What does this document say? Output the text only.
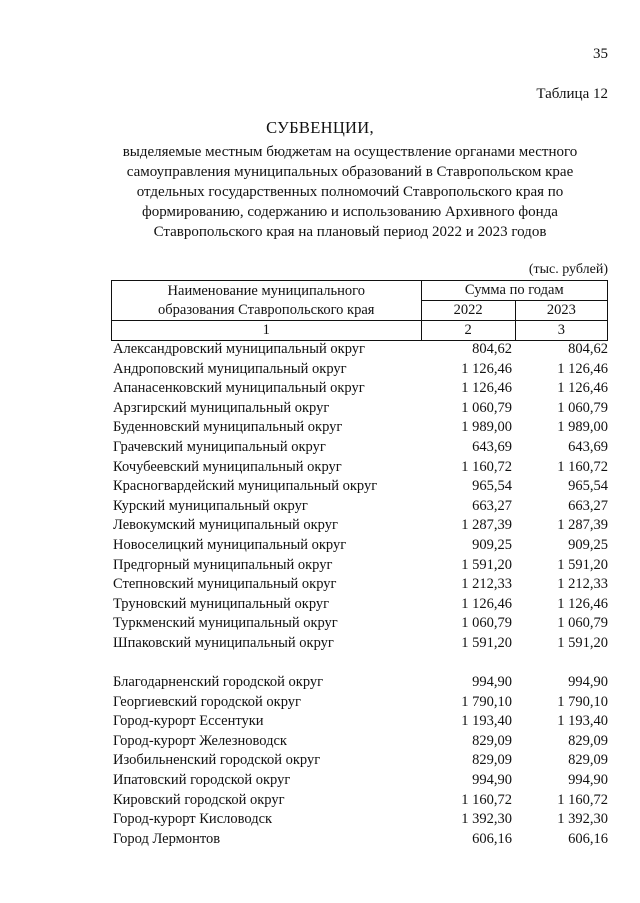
35
Таблица 12
СУБВЕНЦИИ,
выделяемые местным бюджетам на осуществление органами местного
самоуправления муниципальных образований в Ставропольском крае
отдельных государственных полномочий Ставропольского края по
формированию, содержанию и использованию Архивного фонда
Ставропольского края на плановый период 2022 и 2023 годов
(тыс. рублей)
Наименование муниципального
образования Ставропольского края	Сумма по годам	
	2022	2023
1	2	3
Александровский муниципальный округ	804,62	804,62
Андроповский муниципальный округ	1 126,46	1 126,46
Апанасенковский муниципальный округ	1 126,46	1 126,46
Арзгирский муниципальный округ	1 060,79	1 060,79
Буденновский муниципальный округ	1 989,00	1 989,00
Грачевский муниципальный округ	643,69	643,69
Кочубеевский муниципальный округ	1 160,72	1 160,72
Красногвардейский муниципальный округ	965,54	965,54
Курский муниципальный округ	663,27	663,27
Левокумский муниципальный округ	1 287,39	1 287,39
Новоселицкий муниципальный округ	909,25	909,25
Предгорный муниципальный округ	1 591,20	1 591,20
Степновский муниципальный округ	1 212,33	1 212,33
Труновский муниципальный округ	1 126,46	1 126,46
Туркменский муниципальный округ	1 060,79	1 060,79
Шпаковский муниципальный округ	1 591,20	1 591,20
Благодарненский городской округ	994,90	994,90
Георгиевский городской округ	1 790,10	1 790,10
Город-курорт Ессентуки	1 193,40	1 193,40
Город-курорт Железноводск	829,09	829,09
Изобильненский городской округ	829,09	829,09
Ипатовский городской округ	994,90	994,90
Кировский городской округ	1 160,72	1 160,72
Город-курорт Кисловодск	1 392,30	1 392,30
Город Лермонтов	606,16	606,16
